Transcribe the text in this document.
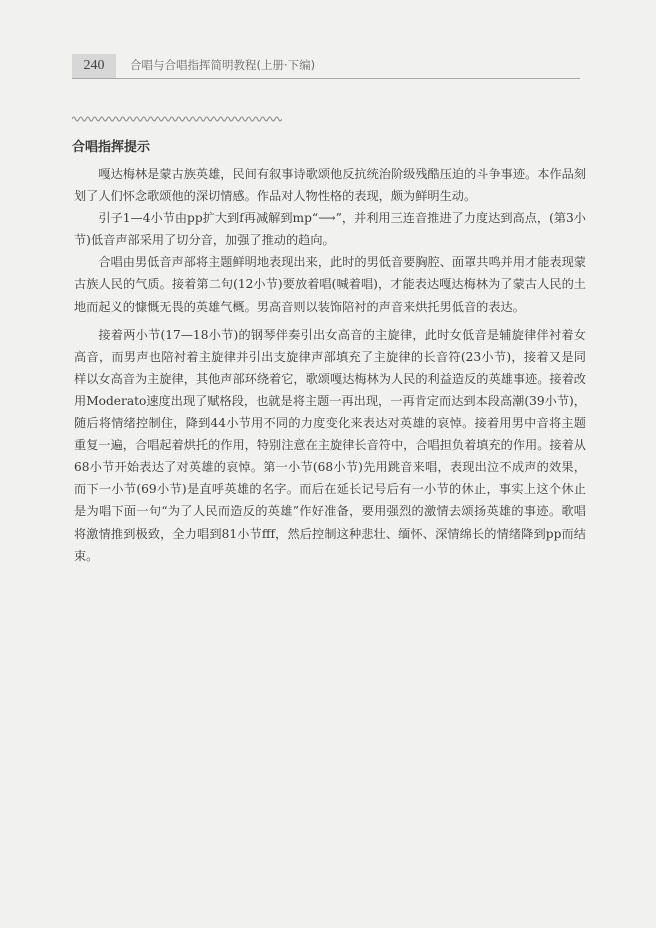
240	合唱与合唱指挥简明教程(上册·下编)
合唱指挥提示

嘎达梅林是蒙古族英雄，民间有叙事诗歌颂他反抗统治阶级残酷压迫的斗争事迹。本作品刻划了人们怀念歌颂他的深切情感。作品对人物性格的表现，颇为鲜明生动。

引子1—4小节由pp扩大到f再减解到mp“⟶”，并利用三连音推进了力度达到高点，(第3小节)低音声部采用了切分音，加强了推动的趋向。

合唱由男低音声部将主题鲜明地表现出来，此时的男低音要胸腔、面罩共鸣并用才能表现蒙古族人民的气质。接着第二句(12小节)要放着唱(喊着唱)，才能表达嘎达梅林为了蒙古人民的土地而起义的慷慨无畏的英雄气概。男高音则以装饰陪衬的声音来烘托男低音的表达。

接着两小节(17—18小节)的钢琴伴奏引出女高音的主旋律，此时女低音是辅旋律伴衬着女高音，而男声也陪衬着主旋律并引出支旋律声部填充了主旋律的长音符(23小节)，接着又是同样以女高音为主旋律，其他声部环绕着它，歌颂嘎达梅林为人民的利益造反的英雄事迹。接着改用Moderato速度出现了赋格段，也就是将主题一再出现，一再肯定而达到本段高潮(39小节)，随后将情绪控制住，降到44小节用不同的力度变化来表达对英雄的哀悼。接着用男中音将主题重复一遍，合唱起着烘托的作用，特别注意在主旋律长音符中，合唱担负着填充的作用。接着从68小节开始表达了对英雄的哀悼。第一小节(68小节)先用跳音来唱，表现出泣不成声的效果，而下一小节(69小节)是直呼英雄的名字。而后在延长记号后有一小节的休止，事实上这个休止是为唱下面一句“为了人民而造反的英雄”作好准备，要用强烈的激情去颂扬英雄的事迹。歌唱将激情推到极致，全力唱到81小节fff，然后控制这种悲壮、缅怀、深情绵长的情绪降到pp而结束。
